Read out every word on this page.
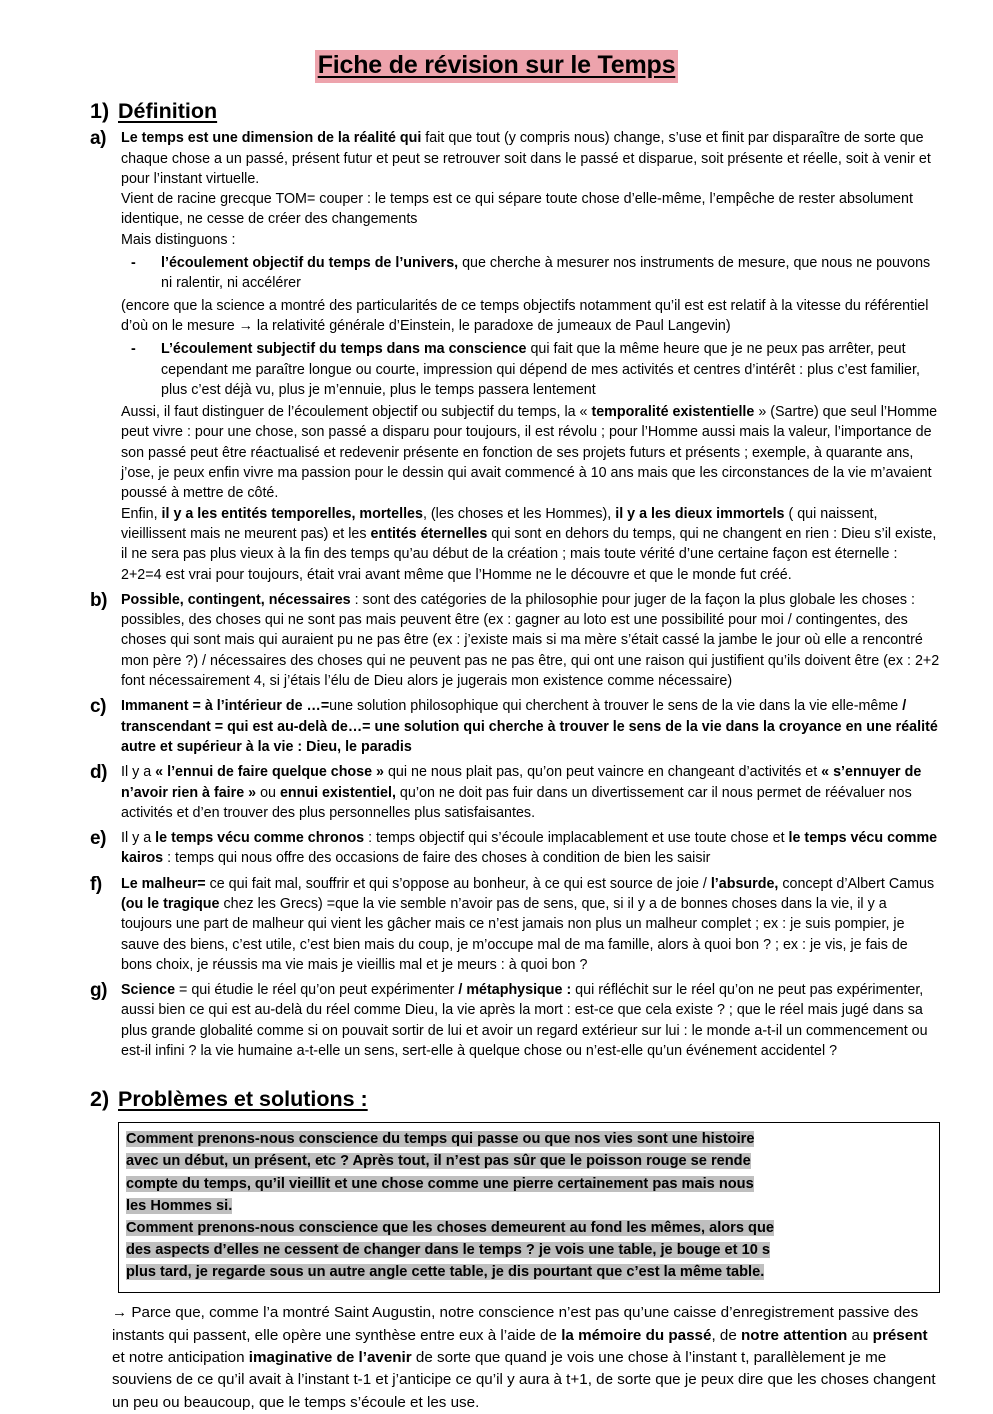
Fiche de révision sur le Temps
1) Définition
a)	Le temps est une dimension de la réalité qui fait que tout (y compris nous) change, s’use et finit par disparaître de sorte que chaque chose a un passé, présent futur et peut se retrouver soit dans le passé et disparue, soit présente et réelle, soit à venir et pour l’instant virtuelle.

Vient de racine grecque TOM= couper : le temps est ce qui sépare toute chose d’elle-même, l’empêche de rester absolument identique, ne cesse de créer des changements

Mais distinguons :

-	l’écoulement objectif du temps de l’univers, que cherche à mesurer nos instruments de mesure, que nous ne pouvons ni ralentir, ni accélérer

(encore que la science a montré des particularités de ce temps objectifs notamment qu’il est est relatif à la vitesse du référentiel d’où on le mesure → la relativité générale d’Einstein, le paradoxe de jumeaux de Paul Langevin)

-	L’écoulement subjectif du temps dans ma conscience qui fait que la même heure que je ne peux pas arrêter, peut cependant me paraître longue ou courte, impression qui dépend de mes activités et centres d’intérêt : plus c’est familier, plus c’est déjà vu, plus je m’ennuie, plus le temps passera lentement

Aussi, il faut distinguer de l’écoulement objectif ou subjectif du temps, la « temporalité existentielle » (Sartre) que seul l’Homme peut vivre : pour une chose, son passé a disparu pour toujours, il est révolu ; pour l’Homme aussi mais la valeur, l’importance de son passé peut être réactualisé et redevenir présente en fonction de ses projets futurs et présents ; exemple, à quarante ans, j’ose, je peux enfin vivre ma passion pour le dessin qui avait commencé à 10 ans mais que les circonstances de la vie m’avaient poussé à mettre de côté.

Enfin, il y a les entités temporelles, mortelles, (les choses et les Hommes), il y a les dieux immortels ( qui naissent, vieillissent mais ne meurent pas) et les entités éternelles qui sont en dehors du temps, qui ne changent en rien : Dieu s’il existe, il ne sera pas plus vieux à la fin des temps qu’au début de la création ; mais toute vérité d’une certaine façon est éternelle : 2+2=4 est vrai pour toujours, était vrai avant même que l’Homme ne le découvre et que le monde fut créé.

b) Possible, contingent, nécessaires : sont des catégories de la philosophie pour juger de la façon la plus globale les choses : possibles, des choses qui ne sont pas mais peuvent être (ex : gagner au loto est une possibilité pour moi / contingentes, des choses qui sont mais qui auraient pu ne pas être (ex : j’existe mais si ma mère s’était cassé la jambe le jour où elle a rencontré mon père ?) / nécessaires des choses qui ne peuvent pas ne pas être, qui ont une raison qui justifient qu’ils doivent être (ex : 2+2 font nécessairement 4, si j’étais l’élu de Dieu alors je jugerais mon existence comme nécessaire)

c)	Immanent = à l’intérieur de …=une solution philosophique qui cherchent à trouver le sens de la vie dans la vie elle-même / transcendant = qui est au-delà de…= une solution qui cherche à trouver le sens de la vie dans la croyance en une réalité autre et supérieur à la vie : Dieu, le paradis

d) Il y a « l’ennui de faire quelque chose » qui ne nous plait pas, qu’on peut vaincre en changeant d’activités et « s’ennuyer de n’avoir rien à faire » ou ennui existentiel, qu’on ne doit pas fuir dans un divertissement car il nous permet de réévaluer nos activités et d’en trouver des plus personnelles plus satisfaisantes.

e)	Il y a le temps vécu comme chronos : temps objectif qui s’écoule implacablement et use toute chose et le temps vécu comme kairos : temps qui nous offre des occasions de faire des choses à condition de bien les saisir

f)	Le malheur= ce qui fait mal, souffrir et qui s’oppose au bonheur, à ce qui est source de joie / l’absurde, concept d’Albert Camus (ou le tragique chez les Grecs) =que la vie semble n’avoir pas de sens, que, si il y a de bonnes choses dans la vie, il y a toujours une part de malheur qui vient les gâcher mais ce n’est jamais non plus un malheur complet ; ex : je suis pompier, je sauve des biens, c’est utile, c’est bien mais du coup, je m’occupe mal de ma famille, alors à quoi bon ? ; ex : je vis, je fais de bons choix, je réussis ma vie mais je vieillis mal et je meurs : à quoi bon ?

g) Science = qui étudie le réel qu’on peut expérimenter / métaphysique : qui réfléchit sur le réel qu’on ne peut pas expérimenter, aussi bien ce qui est au-delà du réel comme Dieu, la vie après la mort : est-ce que cela existe ? ; que le réel mais jugé dans sa plus grande globalité comme si on pouvait sortir de lui et avoir un regard extérieur sur lui : le monde a-t-il un commencement ou est-il infini ? la vie humaine a-t-elle un sens, sert-elle à quelque chose ou n’est-elle qu’un événement accidentel ?

2) Problèmes et solutions :

Comment prenons-nous conscience du temps qui passe ou que nos vies sont une histoire
avec un début, un présent, etc ? Après tout, il n’est pas sûr que le poisson rouge se rende
compte du temps, qu’il vieillit et une chose comme une pierre certainement pas mais nous
les Hommes si.

Comment prenons-nous conscience que les choses demeurent au fond les mêmes, alors que
des aspects d’elles ne cessent de changer dans le temps ? je vois une table, je bouge et 10 s
plus tard, je regarde sous un autre angle cette table, je dis pourtant que c’est la même table.

→ Parce que, comme l’a montré Saint Augustin, notre conscience n’est pas qu’une caisse d’enregistrement passive des instants qui passent, elle opère une synthèse entre eux à l’aide de la mémoire du passé, de notre attention au présent et notre anticipation imaginative de l’avenir de sorte que quand je vois une chose à l’instant t, parallèlement je me souviens de ce qu’il avait à l’instant t-1 et j’anticipe ce qu’il y aura à t+1, de sorte que je peux dire que les choses changent un peu ou beaucoup, que le temps s’écoule et les use.
